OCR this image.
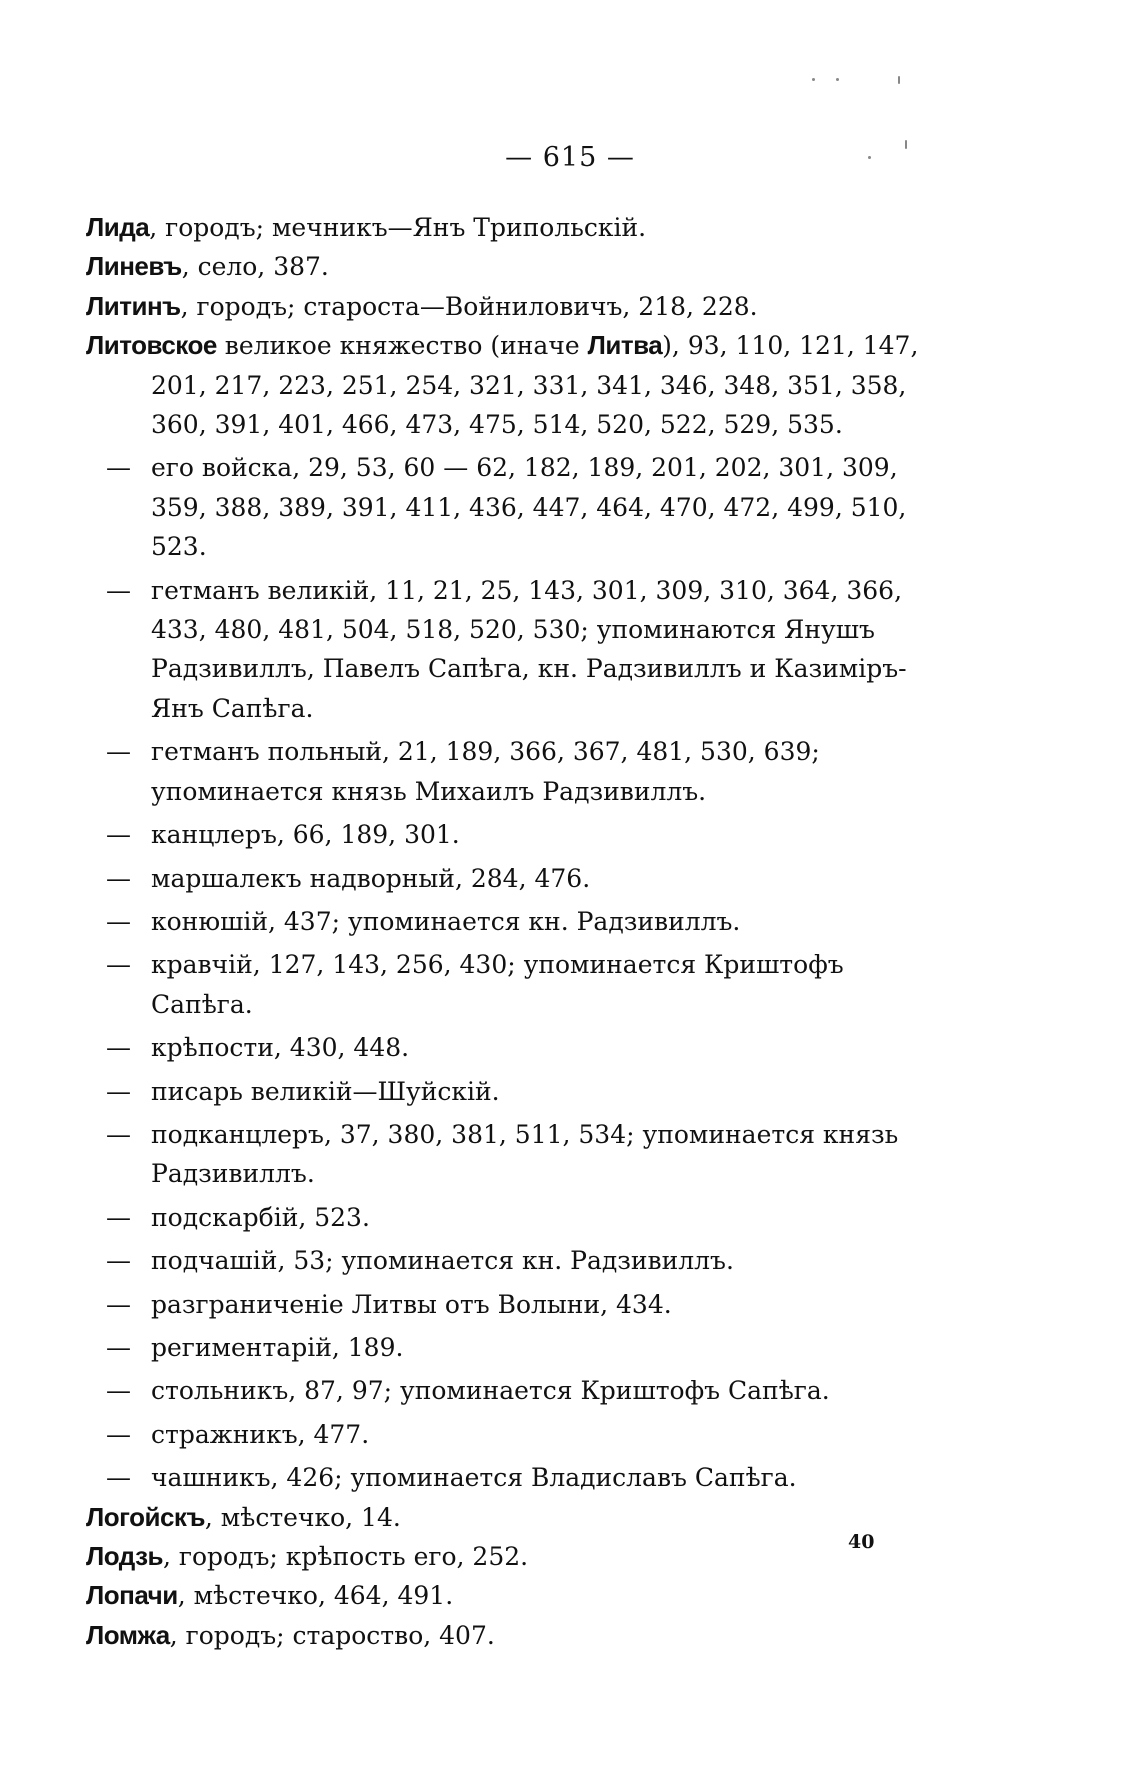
— 615 —

Лида, городъ; мечникъ—Янъ Трипольскій.

Линевъ, село, 387.

Литинъ, городъ; староста—Войниловичъ, 218, 228.

Литовское великое княжество (иначе Литва), 93, 110, 121, 147, 201, 217, 223, 251, 254, 321, 331, 341, 346, 348, 351, 358, 360, 391, 401, 466, 473, 475, 514, 520, 522, 529, 535.

— его войска, 29, 53, 60 — 62, 182, 189, 201, 202, 301, 309, 359, 388, 389, 391, 411, 436, 447, 464, 470, 472, 499, 510, 523.

— гетманъ великій, 11, 21, 25, 143, 301, 309, 310, 364, 366, 433, 480, 481, 504, 518, 520, 530; упоминаются Янушъ Радзивиллъ, Павелъ Сапѣга, кн. Радзивиллъ и Казиміръ-Янъ Сапѣга.

— гетманъ польный, 21, 189, 366, 367, 481, 530, 639; упоминается князь Михаилъ Радзивиллъ.

— канцлеръ, 66, 189, 301.

— маршалекъ надворный, 284, 476.

— конюшій, 437; упоминается кн. Радзивиллъ.

— кравчій, 127, 143, 256, 430; упоминается Криштофъ Сапѣга.

— крѣпости, 430, 448.

— писарь великій—Шуйскій.

— подканцлеръ, 37, 380, 381, 511, 534; упоминается князь Радзивиллъ.

— подскарбій, 523.

— подчашій, 53; упоминается кн. Радзивиллъ.

— разграниченіе Литвы отъ Волыни, 434.

— региментарій, 189.

— стольникъ, 87, 97; упоминается Криштофъ Сапѣга.

— стражникъ, 477.

— чашникъ, 426; упоминается Владиславъ Сапѣга.

Логойскъ, мѣстечко, 14.

Лодзь, городъ; крѣпость его, 252.

Лопачи, мѣстечко, 464, 491.

Ломжа, городъ; староство, 407.

40
